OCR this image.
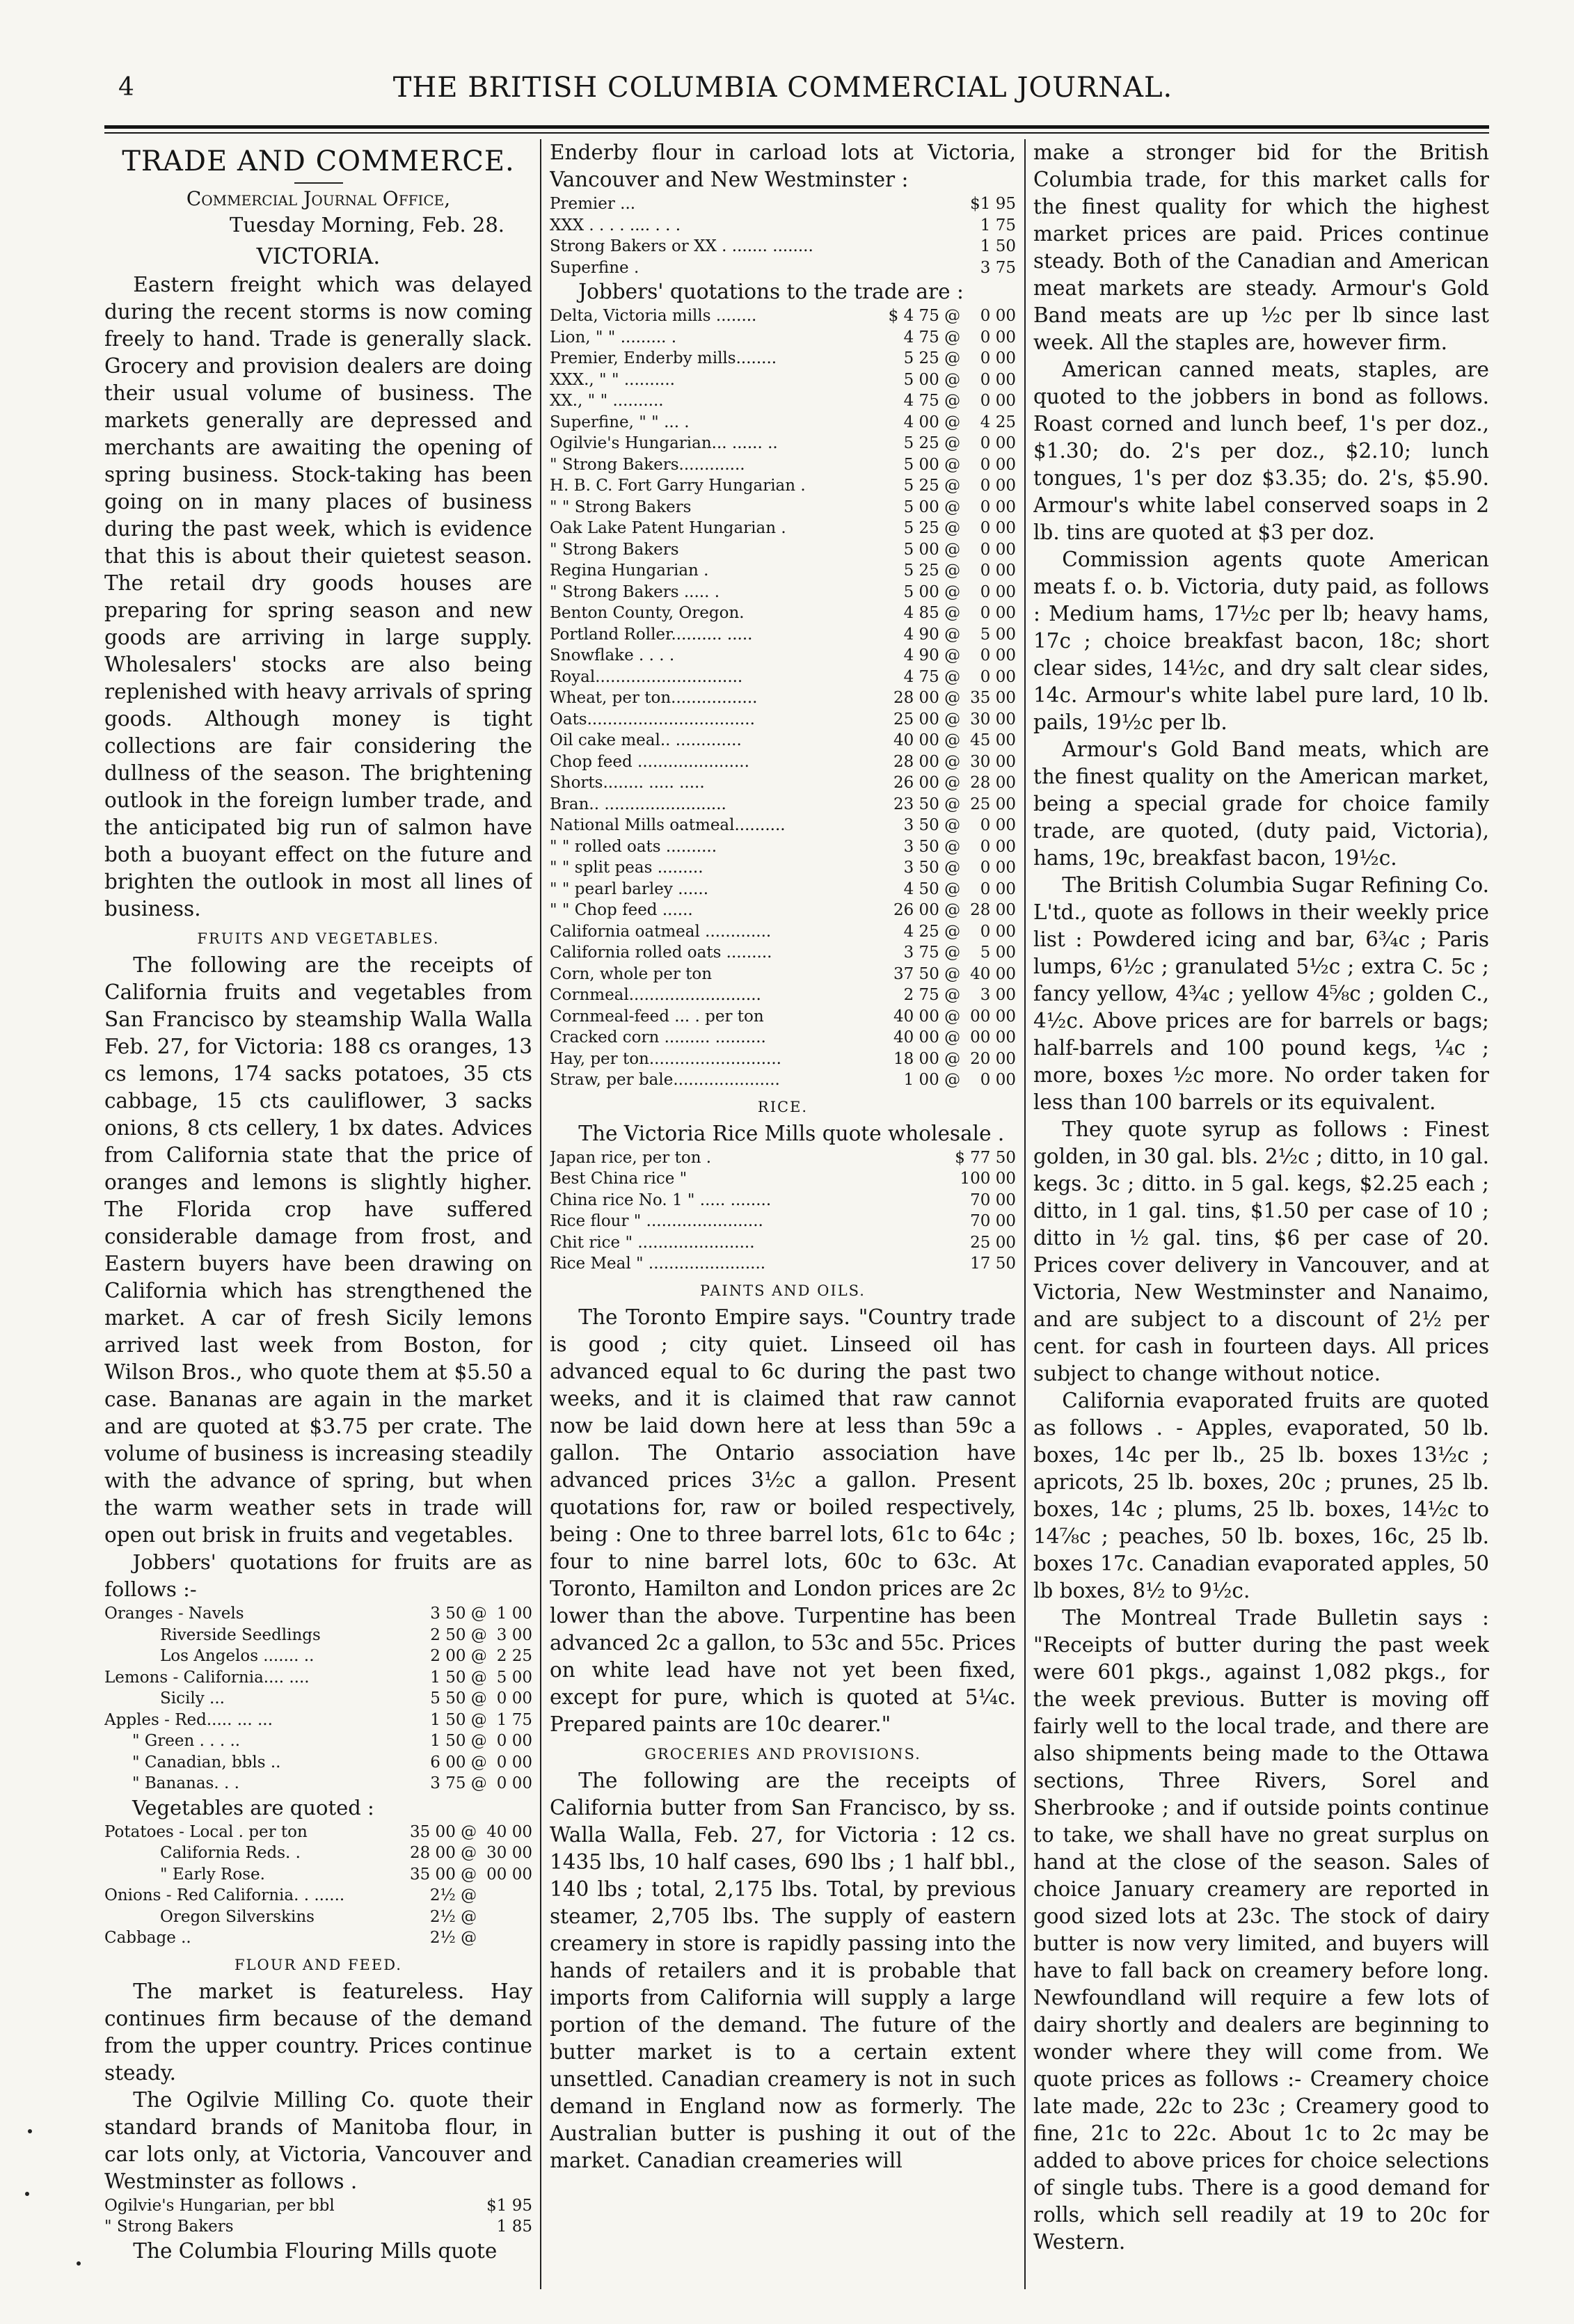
4	THE BRITISH COLUMBIA COMMERCIAL JOURNAL.
TRADE AND COMMERCE.
Commercial Journal Office,
Tuesday Morning, Feb. 28.
VICTORIA.

Eastern freight which was delayed during the recent storms is now coming freely to hand. Trade is generally slack. Grocery and provision dealers are doing their usual volume of business. The markets generally are depressed and merchants are awaiting the opening of spring business. Stock-taking has been going on in many places of business during the past week, which is evidence that this is about their quietest season. The retail dry goods houses are preparing for spring season and new goods are arriving in large supply. Wholesalers' stocks are also being replenished with heavy arrivals of spring goods. Although money is tight collections are fair considering the dullness of the season. The brightening outlook in the foreign lumber trade, and the anticipated big run of salmon have both a buoyant effect on the future and brighten the outlook in most all lines of business.

FRUITS AND VEGETABLES.

The following are the receipts of California fruits and vegetables from San Francisco by steamship Walla Walla Feb. 27, for Victoria: 188 cs oranges, 13 cs lemons, 174 sacks potatoes, 35 cts cabbage, 15 cts cauliflower, 3 sacks onions, 8 cts cellery, 1 bx dates. Advices from California state that the price of oranges and lemons is slightly higher. The Florida crop have suffered considerable damage from frost, and Eastern buyers have been drawing on California which has strengthened the market. A car of fresh Sicily lemons arrived last week from Boston, for Wilson Bros., who quote them at $5.50 a case. Bananas are again in the market and are quoted at $3.75 per crate. The volume of business is increasing steadily with the advance of spring, but when the warm weather sets in trade will open out brisk in fruits and vegetables.

Jobbers' quotations for fruits are as follows :-

Oranges - Navels	3 50 @	1 00
Riverside Seedlings	2 50 @	3 00
Los Angelos ....... ..	2 00 @	2 25
Lemons - California.... ....	1 50 @	5 00
Sicily ...	5 50 @	0 00
Apples - Red..... ... ...	1 50 @	1 75
" Green . . . ..	1 50 @	0 00
" Canadian, bbls ..	6 00 @	0 00
" Bananas. . .	3 75 @	0 00

Vegetables are quoted :

Potatoes - Local . per ton	35 00 @	40 00
California Reds. .	28 00 @	30 00
" Early Rose.	35 00 @	00 00
Onions - Red California. . ......	2½ @	
Oregon Silverskins	2½ @	
Cabbage ..	2½ @	
FLOUR AND FEED.

The market is featureless. Hay continues firm because of the demand from the upper country. Prices continue steady.

The Ogilvie Milling Co. quote their standard brands of Manitoba flour, in car lots only, at Victoria, Vancouver and Westminster as follows .

Ogilvie's Hungarian, per bbl	$1 95
" Strong Bakers	1 85

The Columbia Flouring Mills quote

Enderby flour in carload lots at Victoria, Vancouver and New Westminster :

Premier ...	$1 95
XXX . . . . .... . . .	1 75
Strong Bakers or XX . ....... ........	1 50
Superfine .	3 75

Jobbers' quotations to the trade are :

Delta, Victoria mills ........	$ 4 75 @	0 00
Lion, " " ......... .	4 75 @	0 00
Premier, Enderby mills........	5 25 @	0 00
XXX., " " ..........	5 00 @	0 00
XX., " " ..........	4 75 @	0 00
Superfine, " " ... .	4 00 @	4 25
Ogilvie's Hungarian... ...... ..	5 25 @	0 00
" Strong Bakers.............	5 00 @	0 00
H. B. C. Fort Garry Hungarian .	5 25 @	0 00
" " Strong Bakers	5 00 @	0 00
Oak Lake Patent Hungarian .	5 25 @	0 00
" Strong Bakers	5 00 @	0 00
Regina Hungarian .	5 25 @	0 00
" Strong Bakers ..... .	5 00 @	0 00
Benton County, Oregon.	4 85 @	0 00
Portland Roller.......... .....	4 90 @	5 00
Snowflake . . . .	4 90 @	0 00
Royal.............................	4 75 @	0 00
Wheat, per ton.................	28 00 @	35 00
Oats.................................	25 00 @	30 00
Oil cake meal.. .............	40 00 @	45 00
Chop feed ......................	28 00 @	30 00
Shorts........ ..... .....	26 00 @	28 00
Bran.. ........................	23 50 @	25 00
National Mills oatmeal..........	3 50 @	0 00
" " rolled oats ..........	3 50 @	0 00
" " split peas .........	3 50 @	0 00
" " pearl barley ......	4 50 @	0 00
" " Chop feed ......	26 00 @	28 00
California oatmeal .............	4 25 @	0 00
California rolled oats .........	3 75 @	5 00
Corn, whole per ton	37 50 @	40 00
Cornmeal..........................	2 75 @	3 00
Cornmeal-feed ... . per ton	40 00 @	00 00
Cracked corn ......... ..........	40 00 @	00 00
Hay, per ton..........................	18 00 @	20 00
Straw, per bale.....................	1 00 @	0 00
RICE.

The Victoria Rice Mills quote wholesale .

Japan rice, per ton .	$ 77 50
Best China rice "	100 00
China rice No. 1 " ..... ........	70 00
Rice flour " .......................	70 00
Chit rice " .......................	25 00
Rice Meal " .......................	17 50
PAINTS AND OILS.

The Toronto Empire says. "Country trade is good ; city quiet. Linseed oil has advanced equal to 6c during the past two weeks, and it is claimed that raw cannot now be laid down here at less than 59c a gallon. The Ontario association have advanced prices 3½c a gallon. Present quotations for, raw or boiled respectively, being : One to three barrel lots, 61c to 64c ; four to nine barrel lots, 60c to 63c. At Toronto, Hamilton and London prices are 2c lower than the above. Turpentine has been advanced 2c a gallon, to 53c and 55c. Prices on white lead have not yet been fixed, except for pure, which is quoted at 5¼c. Prepared paints are 10c dearer."

GROCERIES AND PROVISIONS.

The following are the receipts of California butter from San Francisco, by ss. Walla Walla, Feb. 27, for Victoria : 12 cs. 1435 lbs, 10 half cases, 690 lbs ; 1 half bbl., 140 lbs ; total, 2,175 lbs. Total, by previous steamer, 2,705 lbs. The supply of eastern creamery in store is rapidly passing into the hands of retailers and it is probable that imports from California will supply a large portion of the demand. The future of the butter market is to a certain extent unsettled. Canadian creamery is not in such demand in England now as formerly. The Australian butter is pushing it out of the market. Canadian creameries will

make a stronger bid for the British Columbia trade, for this market calls for the finest quality for which the highest market prices are paid. Prices continue steady. Both of the Canadian and American meat markets are steady. Armour's Gold Band meats are up ½c per lb since last week. All the staples are, however firm.

American canned meats, staples, are quoted to the jobbers in bond as follows. Roast corned and lunch beef, 1's per doz., $1.30; do. 2's per doz., $2.10; lunch tongues, 1's per doz $3.35; do. 2's, $5.90. Armour's white label conserved soaps in 2 lb. tins are quoted at $3 per doz.

Commission agents quote American meats f. o. b. Victoria, duty paid, as follows : Medium hams, 17½c per lb; heavy hams, 17c ; choice breakfast bacon, 18c; short clear sides, 14½c, and dry salt clear sides, 14c. Armour's white label pure lard, 10 lb. pails, 19½c per lb.

Armour's Gold Band meats, which are the finest quality on the American market, being a special grade for choice family trade, are quoted, (duty paid, Victoria), hams, 19c, breakfast bacon, 19½c.

The British Columbia Sugar Refining Co. L'td., quote as follows in their weekly price list : Powdered icing and bar, 6¾c ; Paris lumps, 6½c ; granulated 5½c ; extra C. 5c ; fancy yellow, 4¾c ; yellow 4⅝c ; golden C., 4½c. Above prices are for barrels or bags; half-barrels and 100 pound kegs, ¼c ; more, boxes ½c more. No order taken for less than 100 barrels or its equivalent.

They quote syrup as follows : Finest golden, in 30 gal. bls. 2½c ; ditto, in 10 gal. kegs. 3c ; ditto. in 5 gal. kegs, $2.25 each ; ditto, in 1 gal. tins, $1.50 per case of 10 ; ditto in ½ gal. tins, $6 per case of 20. Prices cover delivery in Vancouver, and at Victoria, New Westminster and Nanaimo, and are subject to a discount of 2½ per cent. for cash in fourteen days. All prices subject to change without notice.

California evaporated fruits are quoted as follows . - Apples, evaporated, 50 lb. boxes, 14c per lb., 25 lb. boxes 13½c ; apricots, 25 lb. boxes, 20c ; prunes, 25 lb. boxes, 14c ; plums, 25 lb. boxes, 14½c to 14⅞c ; peaches, 50 lb. boxes, 16c, 25 lb. boxes 17c. Canadian evaporated apples, 50 lb boxes, 8½ to 9½c.

The Montreal Trade Bulletin says : "Receipts of butter during the past week were 601 pkgs., against 1,082 pkgs., for the week previous. Butter is moving off fairly well to the local trade, and there are also shipments being made to the Ottawa sections, Three Rivers, Sorel and Sherbrooke ; and if outside points continue to take, we shall have no great surplus on hand at the close of the season. Sales of choice January creamery are reported in good sized lots at 23c. The stock of dairy butter is now very limited, and buyers will have to fall back on creamery before long. Newfoundland will require a few lots of dairy shortly and dealers are beginning to wonder where they will come from. We quote prices as follows :- Creamery choice late made, 22c to 23c ; Creamery good to fine, 21c to 22c. About 1c to 2c may be added to above prices for choice selections of single tubs. There is a good demand for rolls, which sell readily at 19 to 20c for Western.
